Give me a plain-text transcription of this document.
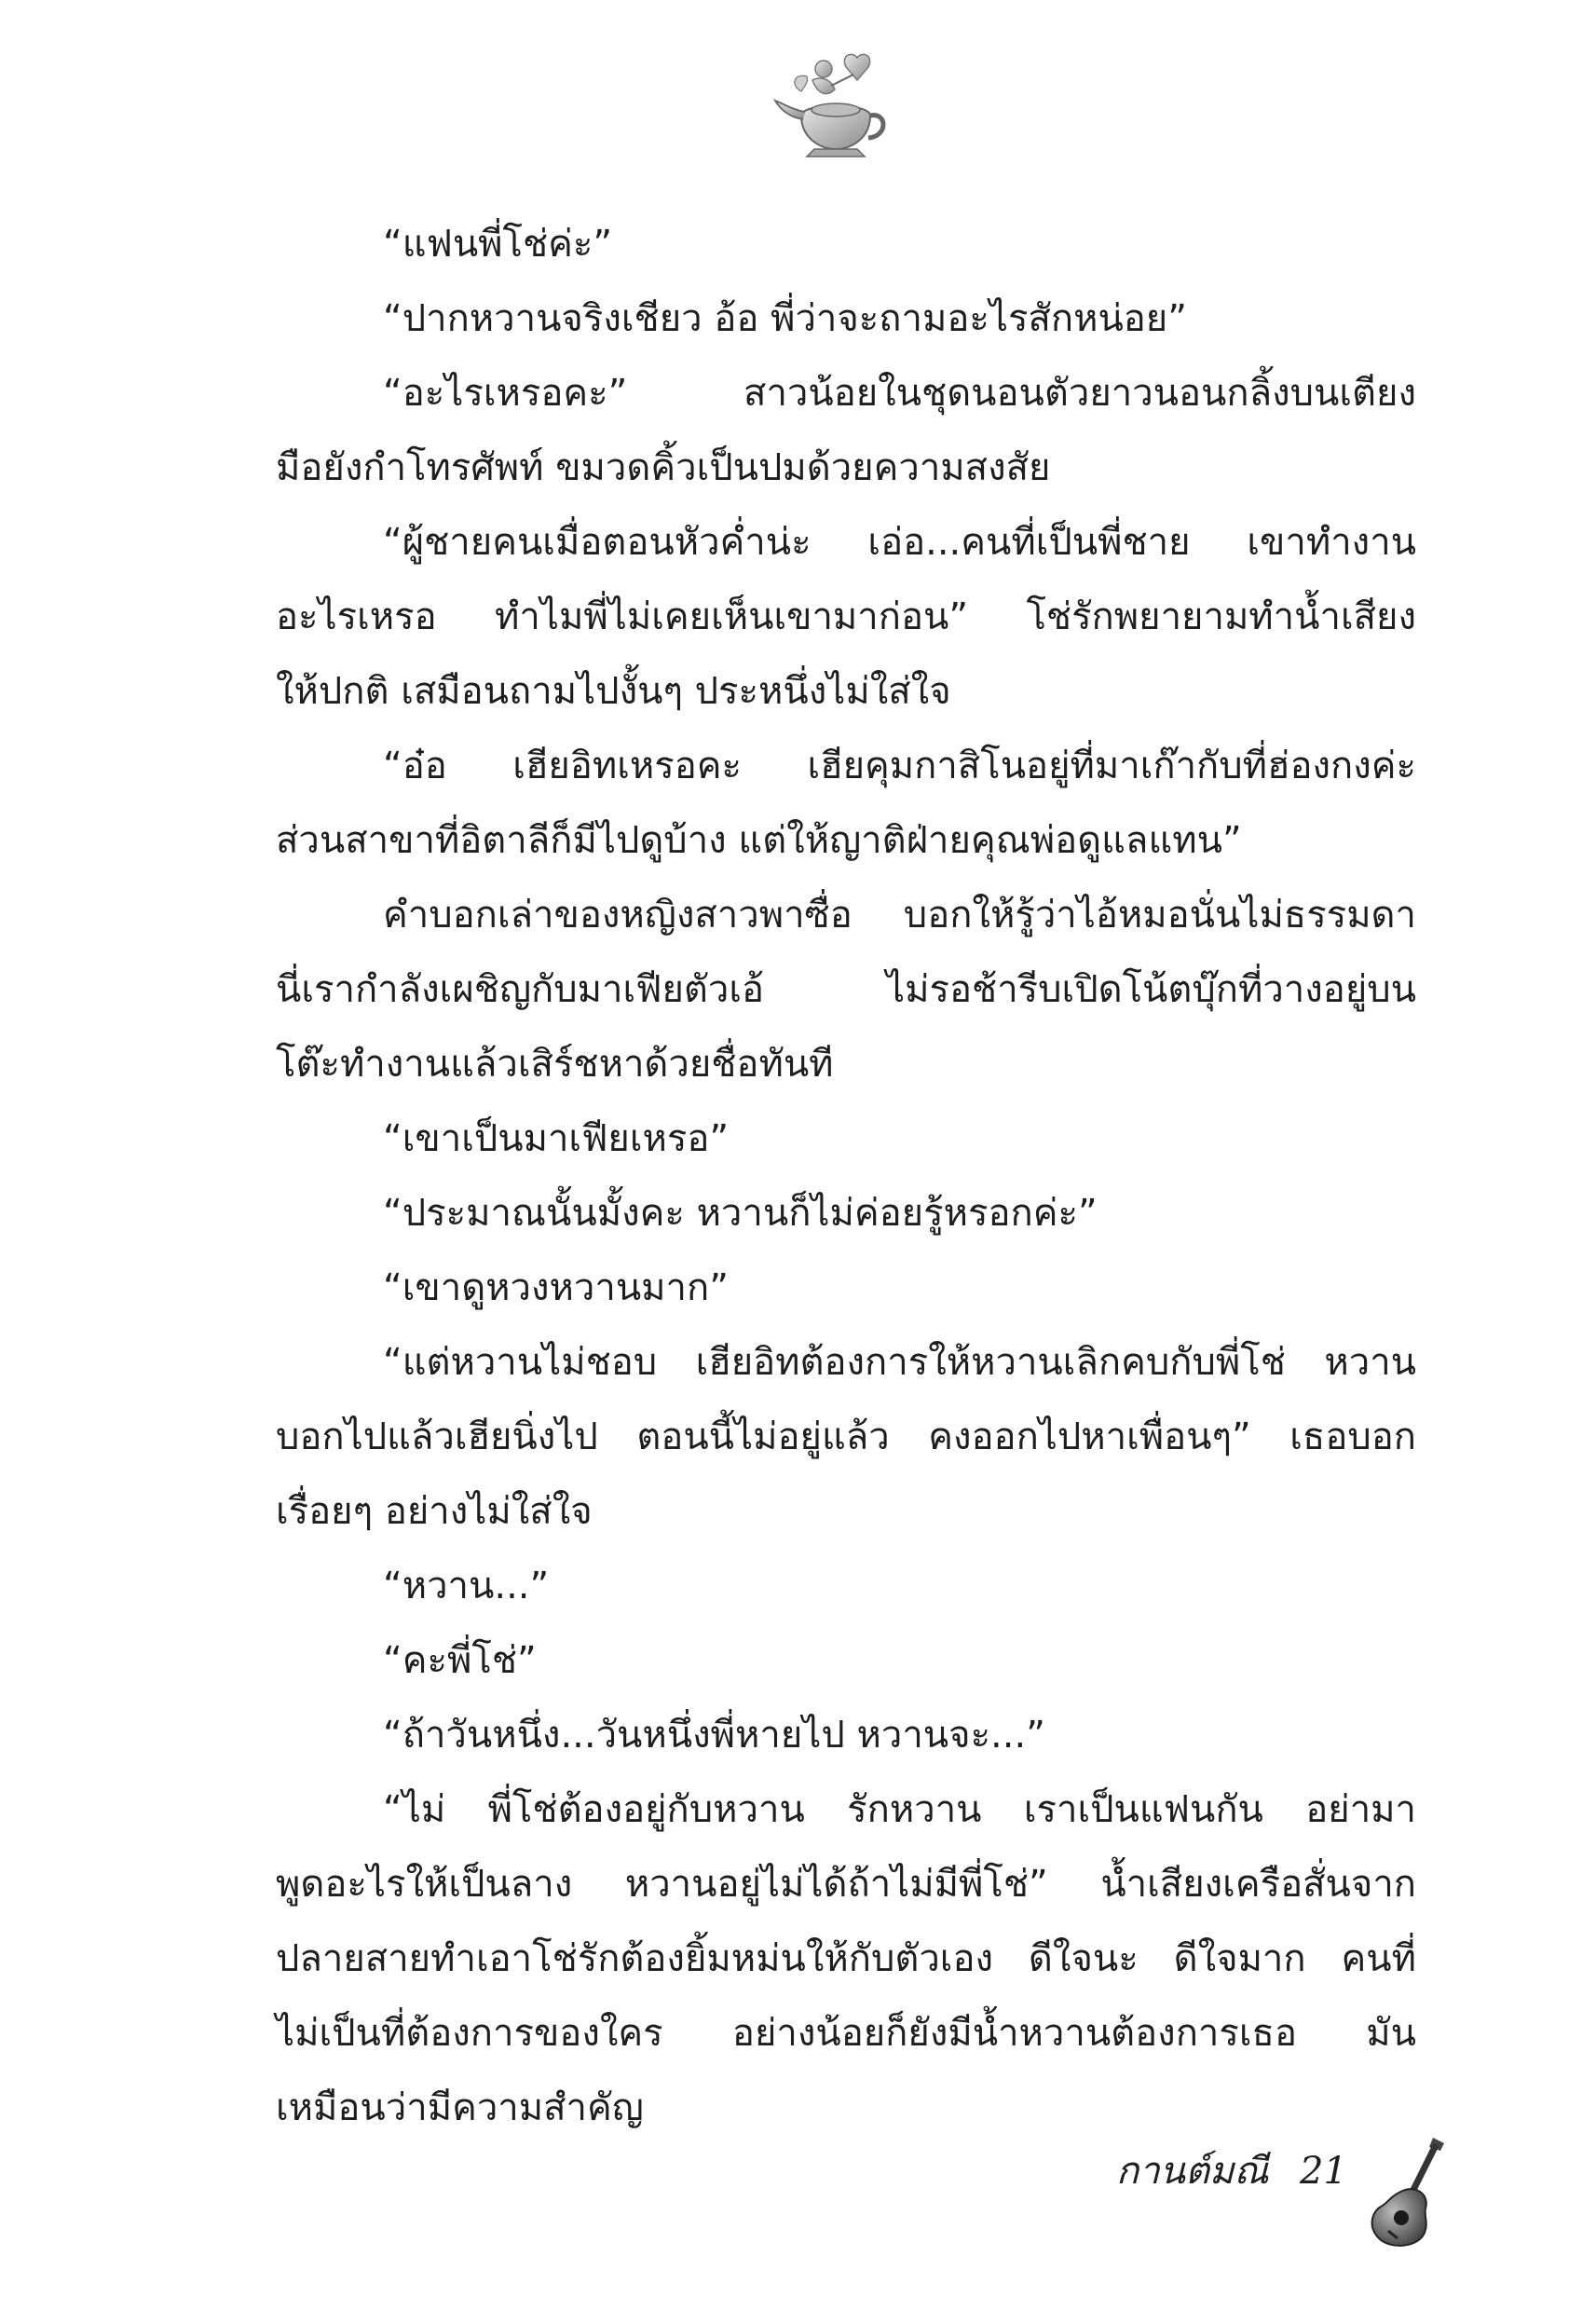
“แฟนพี่โช่ค่ะ”
“ปากหวานจริงเชียว อ้อ พี่ว่าจะถามอะไรสักหน่อย”
“อะไรเหรอคะ” สาวน้อยในชุดนอนตัวยาวนอนกลิ้งบนเตียง
มือยังกำโทรศัพท์ ขมวดคิ้วเป็นปมด้วยความสงสัย
“ผู้ชายคนเมื่อตอนหัวค่ำน่ะ เอ่อ...คนที่เป็นพี่ชาย เขาทำงาน
อะไรเหรอ ทำไมพี่ไม่เคยเห็นเขามาก่อน” โช่รักพยายามทำน้ำเสียง
ให้ปกติ เสมือนถามไปงั้นๆ ประหนึ่งไม่ใส่ใจ
“อ๋อ เฮียอิทเหรอคะ เฮียคุมกาสิโนอยู่ที่มาเก๊ากับที่ฮ่องกงค่ะ
ส่วนสาขาที่อิตาลีก็มีไปดูบ้าง แต่ให้ญาติฝ่ายคุณพ่อดูแลแทน”
คำบอกเล่าของหญิงสาวพาซื่อ บอกให้รู้ว่าไอ้หมอนั่นไม่ธรรมดา
นี่เรากำลังเผชิญกับมาเฟียตัวเอ้ ไม่รอช้ารีบเปิดโน้ตบุ๊กที่วางอยู่บน
โต๊ะทำงานแล้วเสิร์ชหาด้วยชื่อทันที
“เขาเป็นมาเฟียเหรอ”
“ประมาณนั้นมั้งคะ หวานก็ไม่ค่อยรู้หรอกค่ะ”
“เขาดูหวงหวานมาก”
“แต่หวานไม่ชอบ เฮียอิทต้องการให้หวานเลิกคบกับพี่โช่ หวาน
บอกไปแล้วเฮียนิ่งไป ตอนนี้ไม่อยู่แล้ว คงออกไปหาเพื่อนๆ” เธอบอก
เรื่อยๆ อย่างไม่ใส่ใจ
“หวาน...”
“คะพี่โช่”
“ถ้าวันหนึ่ง...วันหนึ่งพี่หายไป หวานจะ...”
“ไม่ พี่โช่ต้องอยู่กับหวาน รักหวาน เราเป็นแฟนกัน อย่ามา
พูดอะไรให้เป็นลาง หวานอยู่ไม่ได้ถ้าไม่มีพี่โช่” น้ำเสียงเครือสั่นจาก
ปลายสายทำเอาโช่รักต้องยิ้มหม่นให้กับตัวเอง ดีใจนะ ดีใจมาก คนที่
ไม่เป็นที่ต้องการของใคร อย่างน้อยก็ยังมีน้ำหวานต้องการเธอ มัน
เหมือนว่ามีความสำคัญ
กานต์มณี 21
